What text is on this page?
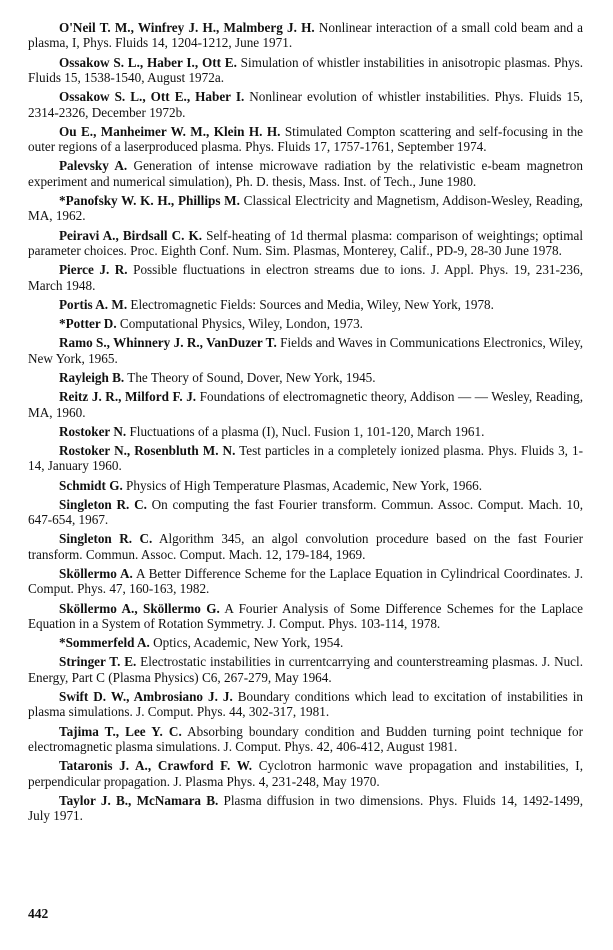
O'Neil T. M., Winfrey J. H., Malmberg J. H. Nonlinear interaction of a small cold beam and a plasma, I, Phys. Fluids 14, 1204-1212, June 1971.

Ossakow S. L., Haber I., Ott E. Simulation of whistler instabilities in anisotropic plasmas. Phys. Fluids 15, 1538-1540, August 1972a.

Ossakow S. L., Ott E., Haber I. Nonlinear evolution of whistler instabilities. Phys. Fluids 15, 2314-2326, December 1972b.

Ou E., Manheimer W. M., Klein H. H. Stimulated Compton scattering and self-focusing in the outer regions of a laserproduced plasma. Phys. Fluids 17, 1757-1761, September 1974.

Palevsky A. Generation of intense microwave radiation by the relativistic e-beam magnetron experiment and numerical simulation), Ph. D. thesis, Mass. Inst. of Tech., June 1980.

*Panofsky W. K. H., Phillips M. Classical Electricity and Magnetism, Addison-Wesley, Reading, MA, 1962.

Peiravi A., Birdsall C. K. Self-heating of 1d thermal plasma: comparison of weightings; optimal parameter choices. Proc. Eighth Conf. Num. Sim. Plasmas, Monterey, Calif., PD-9, 28-30 June 1978.

Pierce J. R. Possible fluctuations in electron streams due to ions. J. Appl. Phys. 19, 231-236, March 1948.

Portis A. M. Electromagnetic Fields: Sources and Media, Wiley, New York, 1978.

*Potter D. Computational Physics, Wiley, London, 1973.

Ramo S., Whinnery J. R., VanDuzer T. Fields and Waves in Communications Electronics, Wiley, New York, 1965.

Rayleigh B. The Theory of Sound, Dover, New York, 1945.

Reitz J. R., Milford F. J. Foundations of electromagnetic theory, Addison — — Wesley, Reading, MA, 1960.

Rostoker N. Fluctuations of a plasma (I), Nucl. Fusion 1, 101-120, March 1961.

Rostoker N., Rosenbluth M. N. Test particles in a completely ionized plasma. Phys. Fluids 3, 1-14, January 1960.

Schmidt G. Physics of High Temperature Plasmas, Academic, New York, 1966.

Singleton R. C. On computing the fast Fourier transform. Commun. Assoc. Comput. Mach. 10, 647-654, 1967.

Singleton R. C. Algorithm 345, an algol convolution procedure based on the fast Fourier transform. Commun. Assoc. Comput. Mach. 12, 179-184, 1969.

Sköllermo A. A Better Difference Scheme for the Laplace Equation in Cylindrical Coordinates. J. Comput. Phys. 47, 160-163, 1982.

Sköllermo A., Sköllermo G. A Fourier Analysis of Some Difference Schemes for the Laplace Equation in a System of Rotation Symmetry. J. Comput. Phys. 103-114, 1978.

*Sommerfeld A. Optics, Academic, New York, 1954.

Stringer T. E. Electrostatic instabilities in currentcarrying and counterstreaming plasmas. J. Nucl. Energy, Part C (Plasma Physics) C6, 267-279, May 1964.

Swift D. W., Ambrosiano J. J. Boundary conditions which lead to excitation of instabilities in plasma simulations. J. Comput. Phys. 44, 302-317, 1981.

Tajima T., Lee Y. C. Absorbing boundary condition and Budden turning point technique for electromagnetic plasma simulations. J. Comput. Phys. 42, 406-412, August 1981.

Tataronis J. A., Crawford F. W. Cyclotron harmonic wave propagation and instabilities, I, perpendicular propagation. J. Plasma Phys. 4, 231-248, May 1970.

Taylor J. B., McNamara B. Plasma diffusion in two dimensions. Phys. Fluids 14, 1492-1499, July 1971.

442
